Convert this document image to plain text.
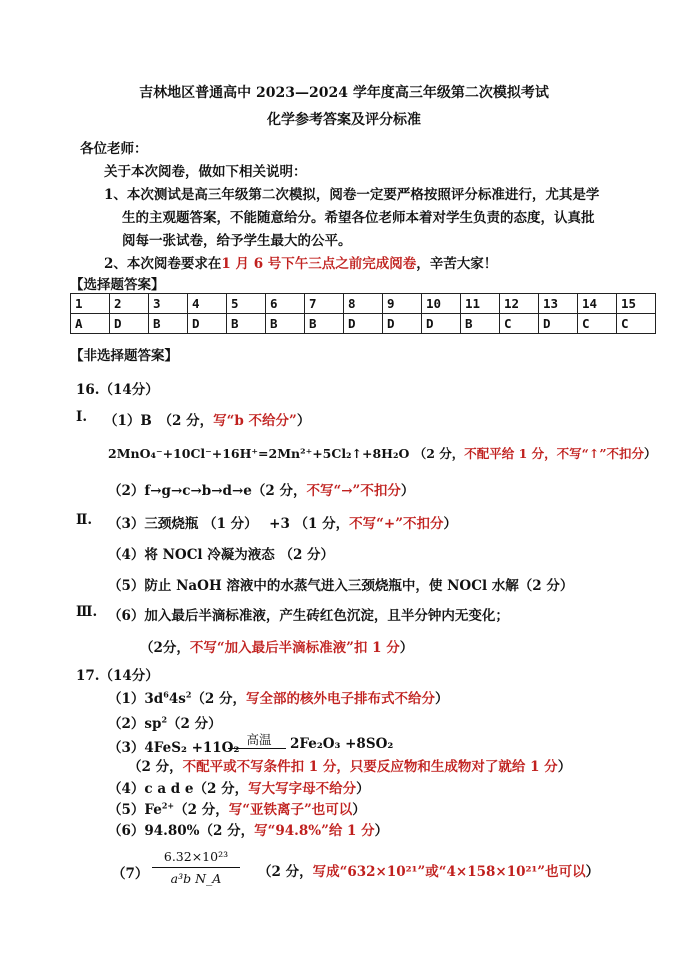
吉林地区普通高中 2023—2024 学年度高三年级第二次模拟考试
化学参考答案及评分标准
各位老师：
关于本次阅卷，做如下相关说明：
1、本次测试是高三年级第二次模拟，阅卷一定要严格按照评分标准进行，尤其是学
生的主观题答案，不能随意给分。希望各位老师本着对学生负责的态度，认真批
阅每一张试卷，给予学生最大的公平。
2、本次阅卷要求在1 月 6 号下午三点之前完成阅卷，辛苦大家！
【选择题答案】
1	2	3	4	5	6	7	8	9	10	11	12	13	14	15
A	D	B	D	B	B	B	D	D	D	B	C	D	C	C
【非选择题答案】
16.（14分）
Ⅰ. （1）B　（2 分，写“b 不给分”）
2MnO₄⁻+10Cl⁻+16H⁺=2Mn²⁺+5Cl₂↑+8H₂O （2 分，不配平给 1 分，不写“↑”不扣分）
（2）f→g→c→b→d→e（2 分，不写“→”不扣分）
Ⅱ. （3）三颈烧瓶 （1 分）　 +3 （1 分，不写“+”不扣分）
（4）将 NOCl 冷凝为液态 （2 分）
（5）防止 NaOH 溶液中的水蒸气进入三颈烧瓶中，使 NOCl 水解（2 分）
Ⅲ. （6）加入最后半滴标准液，产生砖红色沉淀，且半分钟内无变化；
（2分，不写“加入最后半滴标准液”扣 1 分）
17.（14分）
$(1)3d^64s^2(2$ 分，写全部的核外电子排布式不给分）
$(2)sp^2(2$ 分）
（3）4FeS₂ +11O₂
高温	2Fe₂O₃ +8SO₂
（2 分，不配平或不写条件扣 1 分，只要反应物和生成物对了就给 1 分）
（4）c a d e（2 分，写大写字母不给分）
$(5)Fe^{2+}(2$ 分，写“亚铁离子”也可以）
（6）94.80%（2 分，写“94.8%”给 1 分）
（7）
6.32×10²³
a³b N_A	（2 分，写成“632×10²¹”或“4×158×10²¹”也可以）
